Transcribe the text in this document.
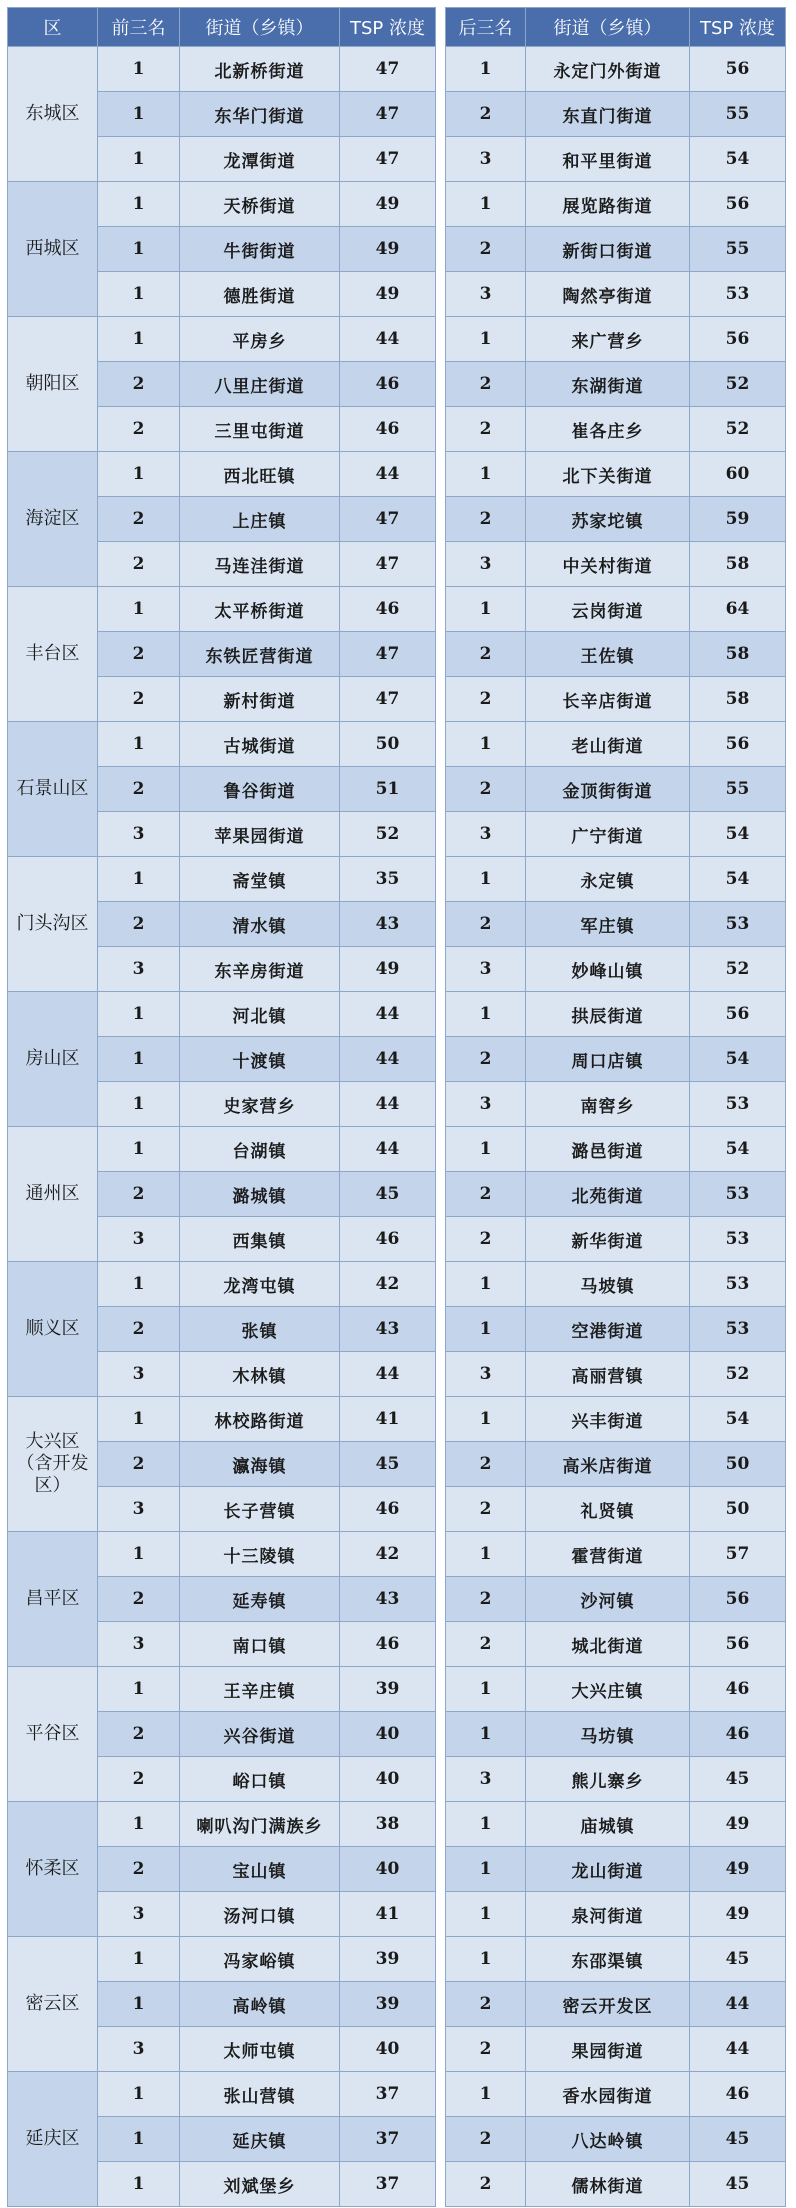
区	前三名	街道（乡镇）	TSP 浓度		后三名	街道（乡镇）	TSP 浓度
东城区	1	北新桥街道	47		1	永定门外街道	56
	1	东华门街道	47		2	东直门街道	55
	1	龙潭街道	47		3	和平里街道	54
西城区	1	天桥街道	49		1	展览路街道	56
	1	牛街街道	49		2	新街口街道	55
	1	德胜街道	49		3	陶然亭街道	53
朝阳区	1	平房乡	44		1	来广营乡	56
	2	八里庄街道	46		2	东湖街道	52
	2	三里屯街道	46		2	崔各庄乡	52
海淀区	1	西北旺镇	44		1	北下关街道	60
	2	上庄镇	47		2	苏家坨镇	59
	2	马连洼街道	47		3	中关村街道	58
丰台区	1	太平桥街道	46		1	云岗街道	64
	2	东铁匠营街道	47		2	王佐镇	58
	2	新村街道	47		2	长辛店街道	58
石景山区	1	古城街道	50		1	老山街道	56
	2	鲁谷街道	51		2	金顶街街道	55
	3	苹果园街道	52		3	广宁街道	54
门头沟区	1	斋堂镇	35		1	永定镇	54
	2	清水镇	43		2	军庄镇	53
	3	东辛房街道	49		3	妙峰山镇	52
房山区	1	河北镇	44		1	拱辰街道	56
	1	十渡镇	44		2	周口店镇	54
	1	史家营乡	44		3	南窖乡	53
通州区	1	台湖镇	44		1	潞邑街道	54
	2	潞城镇	45		2	北苑街道	53
	3	西集镇	46		2	新华街道	53
顺义区	1	龙湾屯镇	42		1	马坡镇	53
	2	张镇	43		1	空港街道	53
	3	木林镇	44		3	高丽营镇	52
大兴区（含开发区）	1	林校路街道	41		1	兴丰街道	54
	2	瀛海镇	45		2	高米店街道	50
	3	长子营镇	46		2	礼贤镇	50
昌平区	1	十三陵镇	42		1	霍营街道	57
	2	延寿镇	43		2	沙河镇	56
	3	南口镇	46		2	城北街道	56
平谷区	1	王辛庄镇	39		1	大兴庄镇	46
	2	兴谷街道	40		1	马坊镇	46
	2	峪口镇	40		3	熊儿寨乡	45
怀柔区	1	喇叭沟门满族乡	38		1	庙城镇	49
	2	宝山镇	40		1	龙山街道	49
	3	汤河口镇	41		1	泉河街道	49
密云区	1	冯家峪镇	39		1	东邵渠镇	45
	1	高岭镇	39		2	密云开发区	44
	3	太师屯镇	40		2	果园街道	44
延庆区	1	张山营镇	37		1	香水园街道	46
	1	延庆镇	37		2	八达岭镇	45
	1	刘斌堡乡	37		2	儒林街道	45
